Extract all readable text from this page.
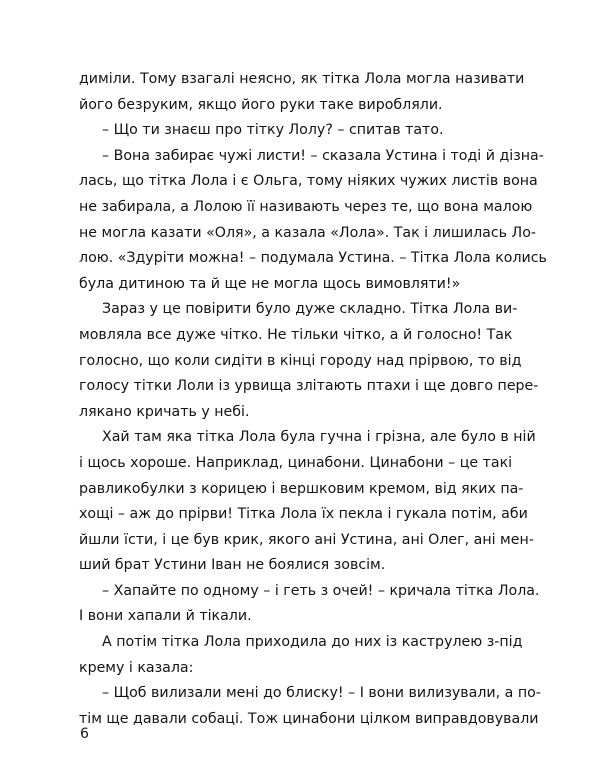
диміли. Тому взагалі неясно, як тітка Лола могла називати
його безруким, якщо його руки таке виробляли.
– Що ти знаєш про тітку Лолу? – спитав тато.
– Вона забирає чужі листи! – сказала Устина і тоді й дізна-
лась, що тітка Лола і є Ольга, тому ніяких чужих листів вона
не забирала, а Лолою її називають через те, що вона малою
не могла казати «Оля», а казала «Лола». Так і лишилась Ло-
лою. «Здуріти можна! – подумала Устина. – Тітка Лола колись
була дитиною та й ще не могла щось вимовляти!»
Зараз у це повірити було дуже складно. Тітка Лола ви-
мовляла все дуже чітко. Не тільки чітко, а й голосно! Так
голосно, що коли сидіти в кінці городу над прірвою, то від
голосу тітки Лоли із урвища злітають птахи і ще довго пере-
лякано кричать у небі.
Хай там яка тітка Лола була гучна і грізна, але було в ній
і щось хороше. Наприклад, цинабони. Цинабони – це такі
равликобулки з корицею і вершковим кремом, від яких па-
хощі – аж до прірви! Тітка Лола їх пекла і гукала потім, аби
йшли їсти, і це був крик, якого ані Устина, ані Олег, ані мен-
ший брат Устини Іван не боялися зовсім.
– Хапайте по одному – і геть з очей! – кричала тітка Лола.
І вони хапали й тікали.
А потім тітка Лола приходила до них із каструлею з-під
крему і казала:
– Щоб вилизали мені до блиску! – І вони вилизували, а по-
тім ще давали собаці. Тож цинабони цілком виправдовували
6
